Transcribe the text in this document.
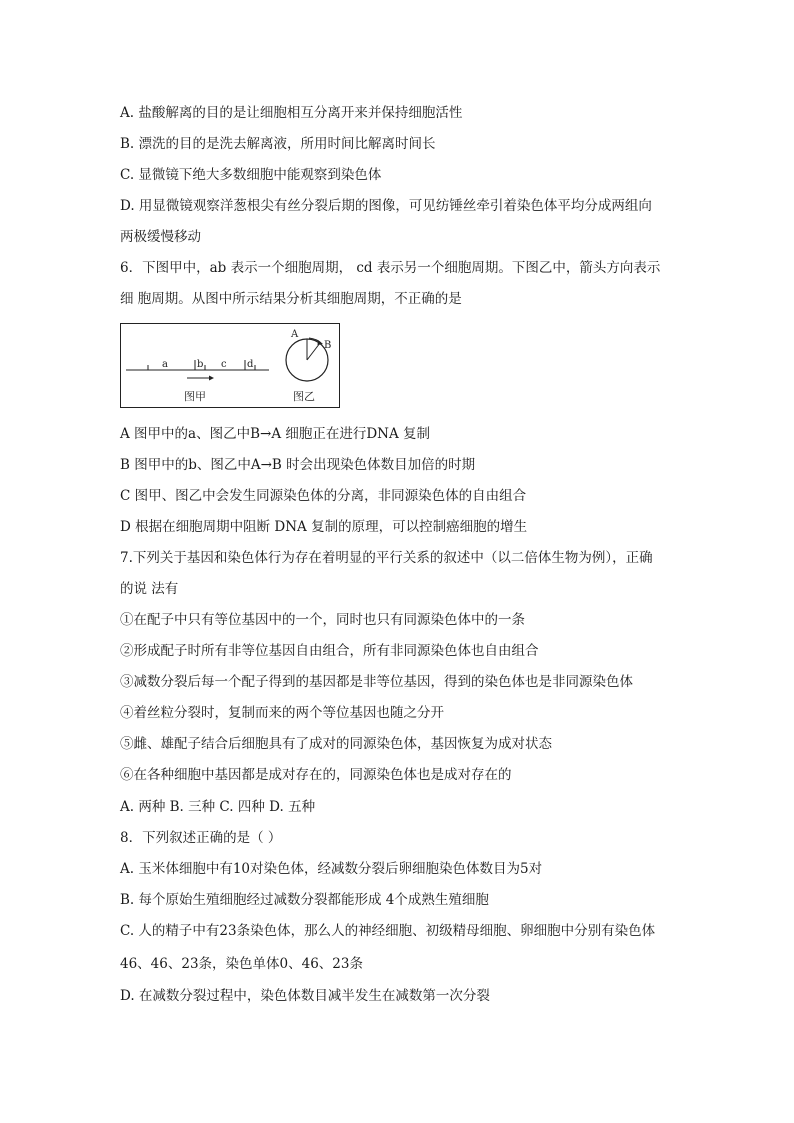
A. 盐酸解离的目的是让细胞相互分离开来并保持细胞活性
B. 漂洗的目的是洗去解离液，所用时间比解离时间长
C. 显微镜下绝大多数细胞中能观察到染色体
D. 用显微镜观察洋葱根尖有丝分裂后期的图像，可见纺锤丝牵引着染色体平均分成两组向
两极缓慢移动
6．下图甲中，ab 表示一个细胞周期， cd 表示另一个细胞周期。下图乙中，箭头方向表示
细 胞周期。从图中所示结果分析其细胞周期，不正确的是
a	b c d
图甲
A
B
图乙
A 图甲中的a、图乙中B→A 细胞正在进行DNA 复制
B 图甲中的b、图乙中A→B 时会出现染色体数目加倍的时期
C 图甲、图乙中会发生同源染色体的分离，非同源染色体的自由组合
D 根据在细胞周期中阻断 DNA 复制的原理，可以控制癌细胞的增生
7.下列关于基因和染色体行为存在着明显的平行关系的叙述中（以二倍体生物为例），正确
的说 法有
①在配子中只有等位基因中的一个，同时也只有同源染色体中的一条
②形成配子时所有非等位基因自由组合，所有非同源染色体也自由组合
③减数分裂后每一个配子得到的基因都是非等位基因，得到的染色体也是非同源染色体
④着丝粒分裂时，复制而来的两个等位基因也随之分开
⑤雌、雄配子结合后细胞具有了成对的同源染色体，基因恢复为成对状态
⑥在各种细胞中基因都是成对存在的，同源染色体也是成对存在的
A. 两种 B. 三种 C. 四种 D. 五种
8．下列叙述正确的是（ ）
A. 玉米体细胞中有10对染色体，经减数分裂后卵细胞染色体数目为5对
B. 每个原始生殖细胞经过减数分裂都能形成 4个成熟生殖细胞
C. 人的精子中有23条染色体，那么人的神经细胞、初级精母细胞、卵细胞中分别有染色体
46、46、23条，染色单体0、46、23条
D. 在减数分裂过程中，染色体数目减半发生在减数第一次分裂
